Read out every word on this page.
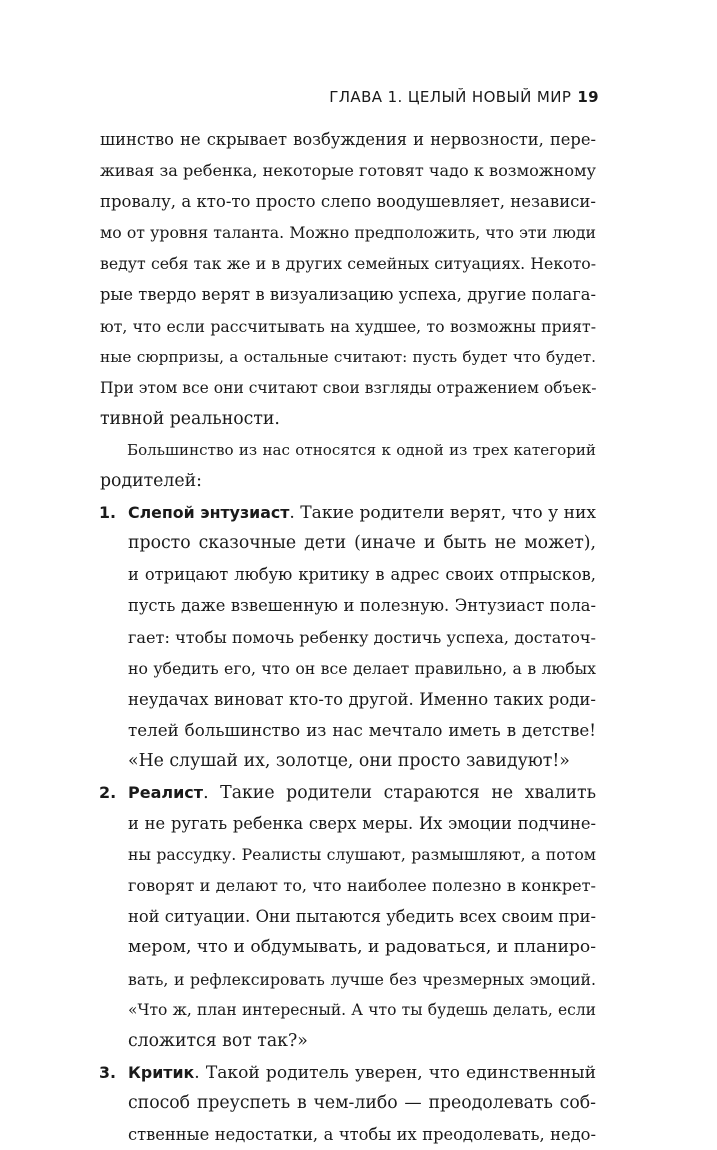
ГЛАВА 1. ЦЕЛЫЙ НОВЫЙ МИР 19
шинство не скрывает возбуждения и нервозности, пере-
живая за ребенка, некоторые готовят чадо к возможному
провалу, а кто-то просто слепо воодушевляет, независи-
мо от уровня таланта. Можно предположить, что эти люди
ведут себя так же и в других семейных ситуациях. Некото-
рые твердо верят в визуализацию успеха, другие полага-
ют, что если рассчитывать на худшее, то возможны прият-
ные сюрпризы, а остальные считают: пусть будет что будет.
При этом все они считают свои взгляды отражением объек-
тивной реальности.
Большинство из нас относятся к одной из трех категорий
родителей:
1. Слепой энтузиаст. Такие родители верят, что у них
просто сказочные дети (иначе и быть не может),
и отрицают любую критику в адрес своих отпрысков,
пусть даже взвешенную и полезную. Энтузиаст пола-
гает: чтобы помочь ребенку достичь успеха, достаточ-
но убедить его, что он все делает правильно, а в любых
неудачах виноват кто-то другой. Именно таких роди-
телей большинство из нас мечтало иметь в детстве!
«Не слушай их, золотце, они просто завидуют!»
2. Реалист. Такие родители стараются не хвалить
и не ругать ребенка сверх меры. Их эмоции подчине-
ны рассудку. Реалисты слушают, размышляют, а потом
говорят и делают то, что наиболее полезно в конкрет-
ной ситуации. Они пытаются убедить всех своим при-
мером, что и обдумывать, и радоваться, и планиро-
вать, и рефлексировать лучше без чрезмерных эмоций.
«Что ж, план интересный. А что ты будешь делать, если
сложится вот так?»
3. Критик. Такой родитель уверен, что единственный
способ преуспеть в чем-либо — преодолевать соб-
ственные недостатки, а чтобы их преодолевать, недо-
